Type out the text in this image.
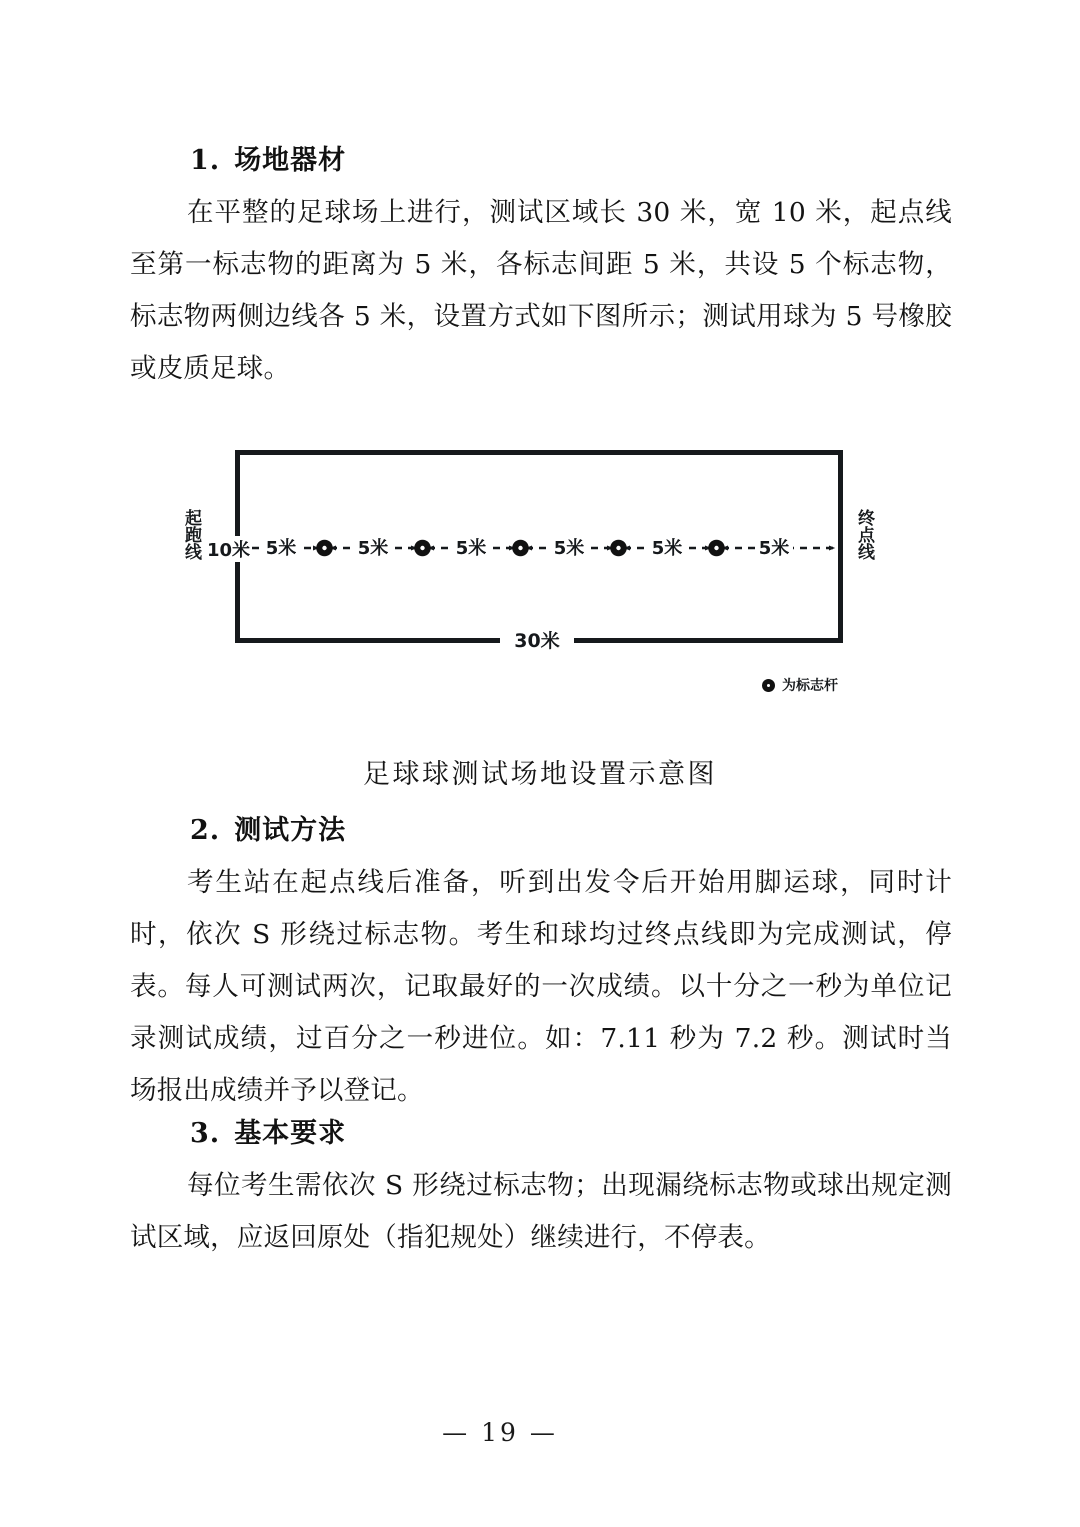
1. 场地器材
在平整的足球场上进行，测试区域长 30 米，宽 10 米，起点线至第一标志物的距离为 5 米，各标志间距 5 米，共设 5 个标志物，标志物两侧边线各 5 米，设置方式如下图所示；测试用球为 5 号橡胶或皮质足球。
30米
起跑线
终点线
5米	5米	5米	5米	5米	5米
10米
为标志杆
足球球测试场地设置示意图
2. 测试方法
考生站在起点线后准备，听到出发令后开始用脚运球，同时计时，依次 S 形绕过标志物。考生和球均过终点线即为完成测试，停表。每人可测试两次，记取最好的一次成绩。以十分之一秒为单位记录测试成绩，过百分之一秒进位。如：7.11 秒为 7.2 秒。测试时当场报出成绩并予以登记。
3. 基本要求
每位考生需依次 S 形绕过标志物；出现漏绕标志物或球出规定测试区域，应返回原处（指犯规处）继续进行，不停表。
— 19 —
